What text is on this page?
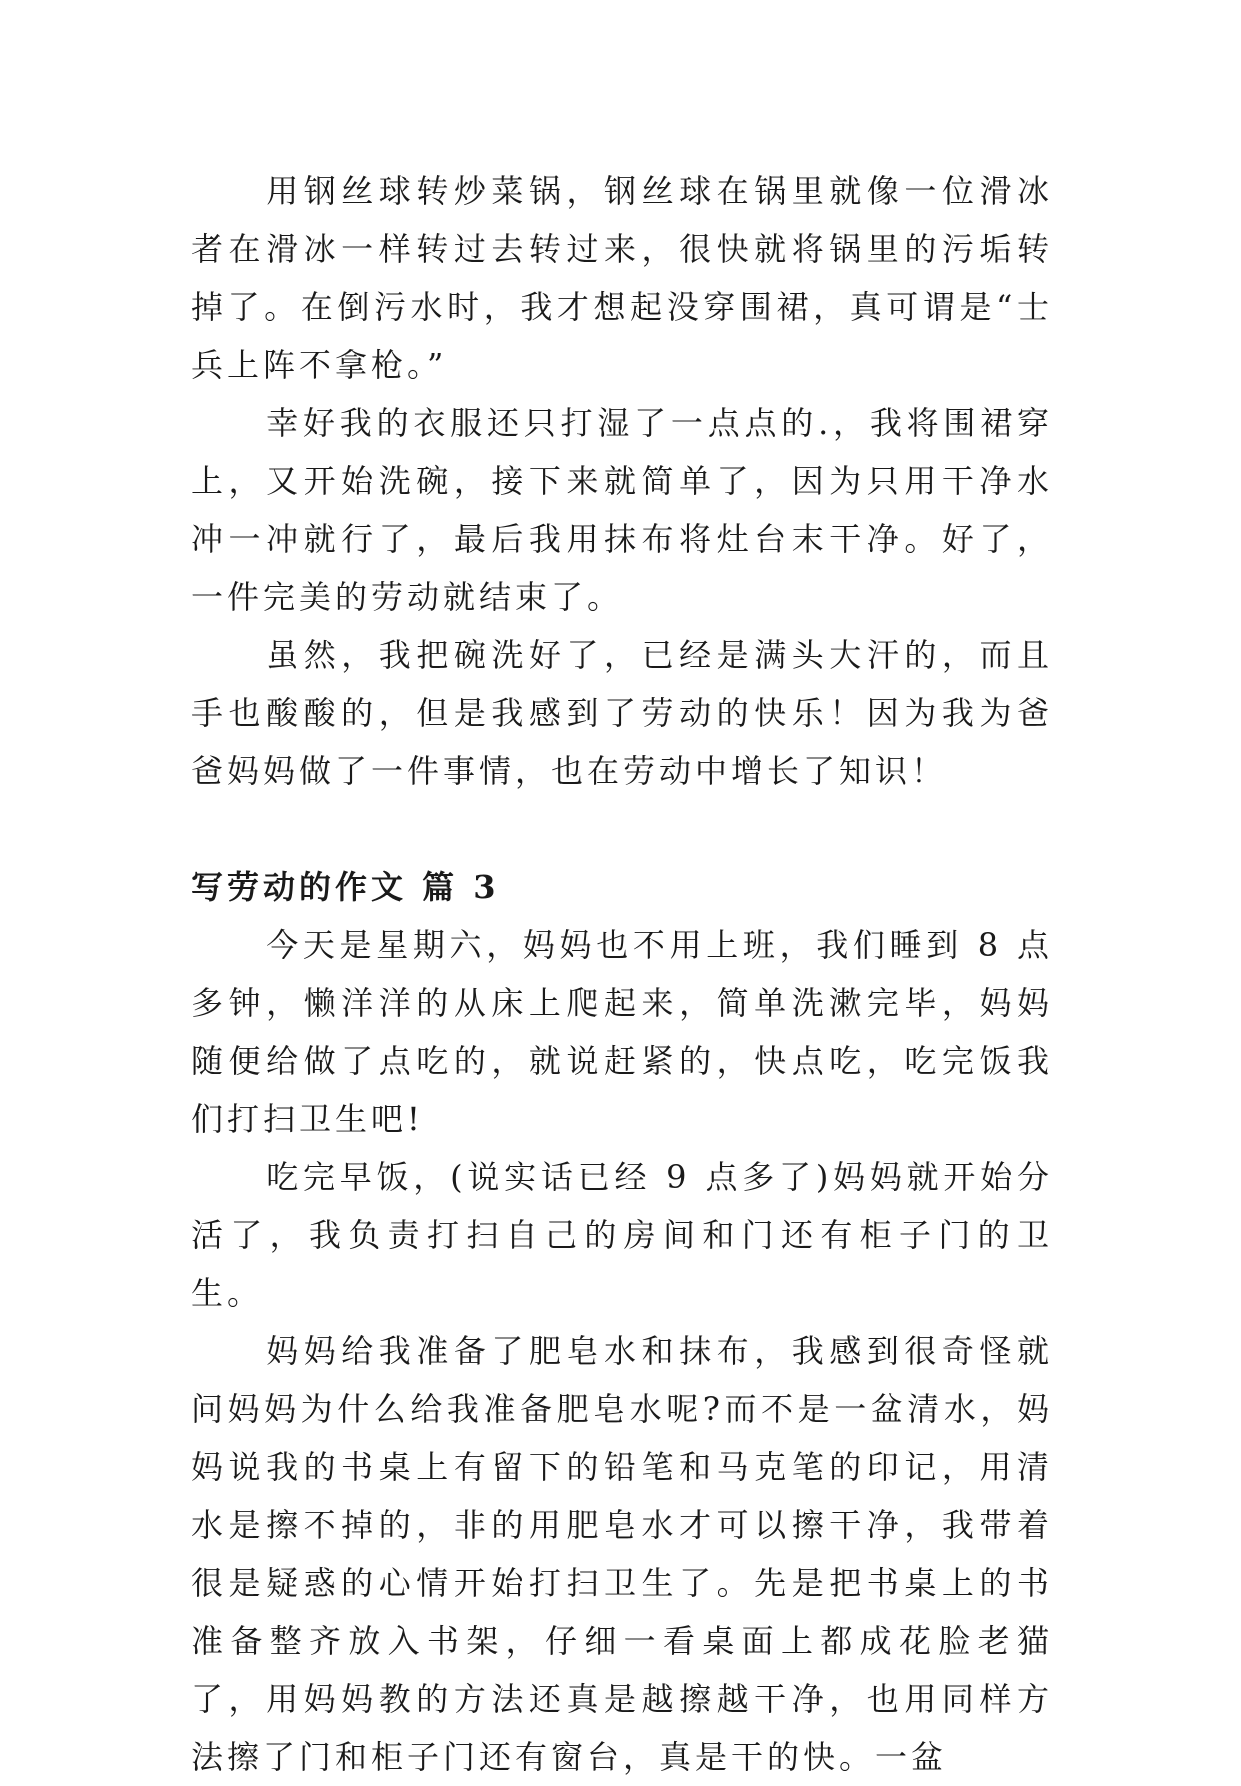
用钢丝球转炒菜锅，钢丝球在锅里就像一位滑冰者在滑冰一样转过去转过来，很快就将锅里的污垢转掉了。在倒污水时，我才想起没穿围裙，真可谓是“士兵上阵不拿枪。”

幸好我的衣服还只打湿了一点点的.，我将围裙穿上，又开始洗碗，接下来就简单了，因为只用干净水冲一冲就行了，最后我用抹布将灶台末干净。好了，一件完美的劳动就结束了。

虽然，我把碗洗好了，已经是满头大汗的，而且手也酸酸的，但是我感到了劳动的快乐！因为我为爸爸妈妈做了一件事情，也在劳动中增长了知识！

写劳动的作文 篇 3

今天是星期六，妈妈也不用上班，我们睡到 8 点多钟，懒洋洋的从床上爬起来，简单洗漱完毕，妈妈随便给做了点吃的，就说赶紧的，快点吃，吃完饭我们打扫卫生吧!

吃完早饭，(说实话已经 9 点多了)妈妈就开始分活了，我负责打扫自己的房间和门还有柜子门的卫生。

妈妈给我准备了肥皂水和抹布，我感到很奇怪就问妈妈为什么给我准备肥皂水呢?而不是一盆清水，妈妈说我的书桌上有留下的铅笔和马克笔的印记，用清水是擦不掉的，非的用肥皂水才可以擦干净，我带着很是疑惑的心情开始打扫卫生了。先是把书桌上的书准备整齐放入书架，仔细一看桌面上都成花脸老猫了，用妈妈教的方法还真是越擦越干净，也用同样方法擦了门和柜子门还有窗台，真是干的快。一盆
